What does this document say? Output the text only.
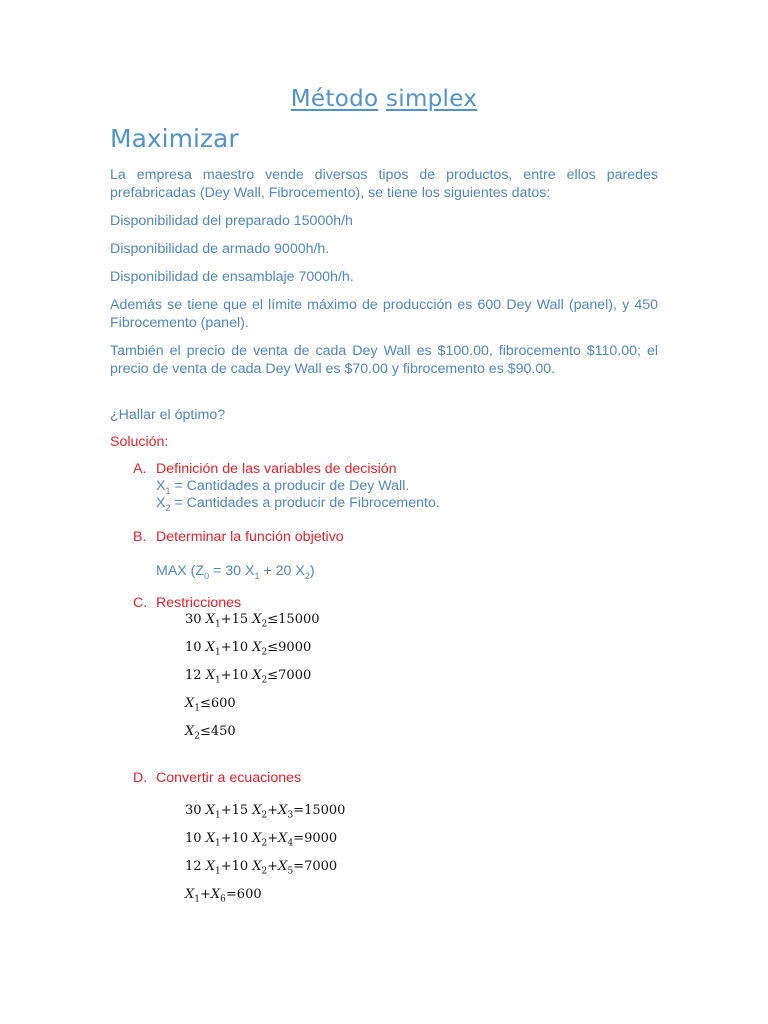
Método simplex
Maximizar
La empresa maestro vende diversos tipos de productos, entre ellos paredes prefabricadas (Dey Wall, Fibrocemento), se tiene los siguientes datos:
Disponibilidad del preparado 15000h/h
Disponibilidad de armado 9000h/h.
Disponibilidad de ensamblaje 7000h/h.
Además se tiene que el límite máximo de producción es 600 Dey Wall (panel), y 450 Fibrocemento (panel).
También el precio de venta de cada Dey Wall es $100.00, fibrocemento $110.00; el precio de venta de cada Dey Wall es $70.00 y fibrocemento es $90.00.
¿Hallar el óptimo?
Solución:
A. Definición de las variables de decisión
$X_1$ = Cantidades a producir de Dey Wall.
$X_2$ = Cantidades a producir de Fibrocemento.
B. Determinar la función objetivo
MAX ($Z_0 = 30$ $X_1 + 20$ $X_2$)
C. Restricciones
30 $X_1+15$ $X_2\le 15000$
10 $X_1+10$ $X_2\le 9000$
12 $X_1+10$ $X_2\le 7000$
$X_1\le 600$
$X_2\le 450$
D. Convertir a ecuaciones
30 $X_1+15$ $X_2+X_3=15000$
10 $X_1+10$ $X_2+X_4=9000$
12 $X_1+10$ $X_2+X_5=7000$
$X_1+X_6=600$
